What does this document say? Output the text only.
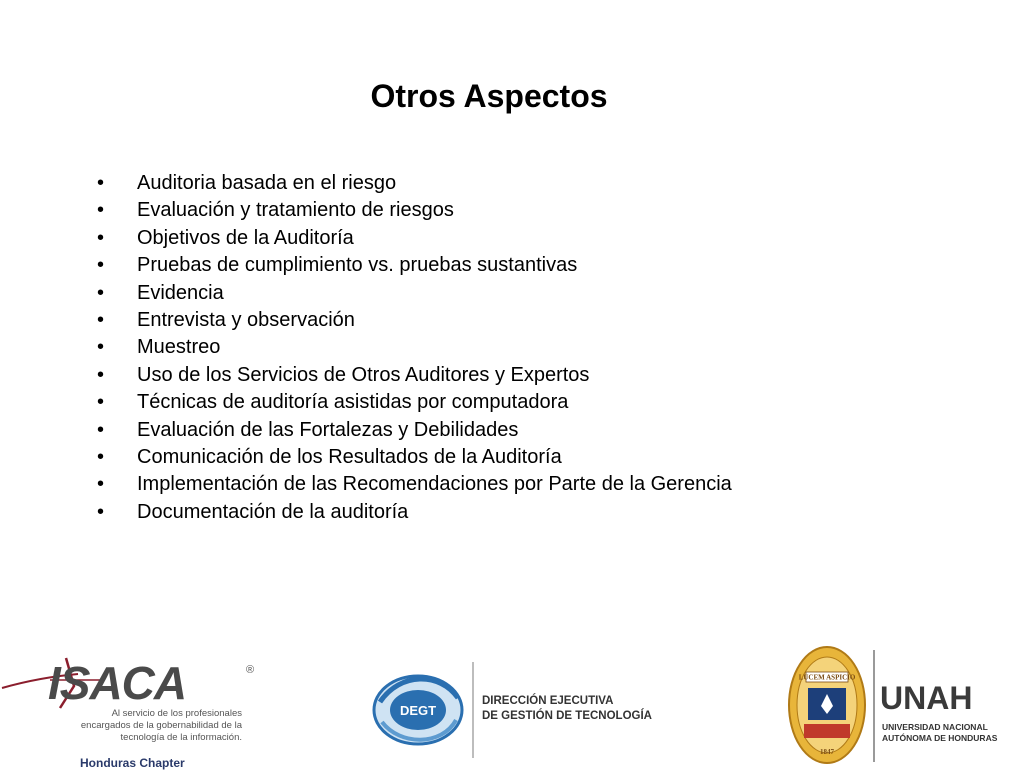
Otros Aspectos
•	Auditoria basada en el riesgo
•	Evaluación y tratamiento de riesgos
•	Objetivos de la Auditoría
•	Pruebas de cumplimiento vs. pruebas sustantivas
•	Evidencia
•	Entrevista y observación
•	Muestreo
•	Uso de los Servicios de Otros Auditores y Expertos
•	Técnicas de auditoría asistidas por computadora
•	Evaluación de las Fortalezas y Debilidades
•	Comunicación de los Resultados de la Auditoría
•	Implementación de las Recomendaciones por Parte de la Gerencia
•	Documentación de la auditoría
ISACA	®
Al servicio de los profesionales
encargados de la gobernabilidad de la
tecnología de la información.
Honduras Chapter
DEGT
DIRECCIÓN EJECUTIVA
DE GESTIÓN DE TECNOLOGÍA
LUCEM ASPICIO
1847
UNAH
UNIVERSIDAD NACIONAL
AUTÓNOMA DE HONDURAS
